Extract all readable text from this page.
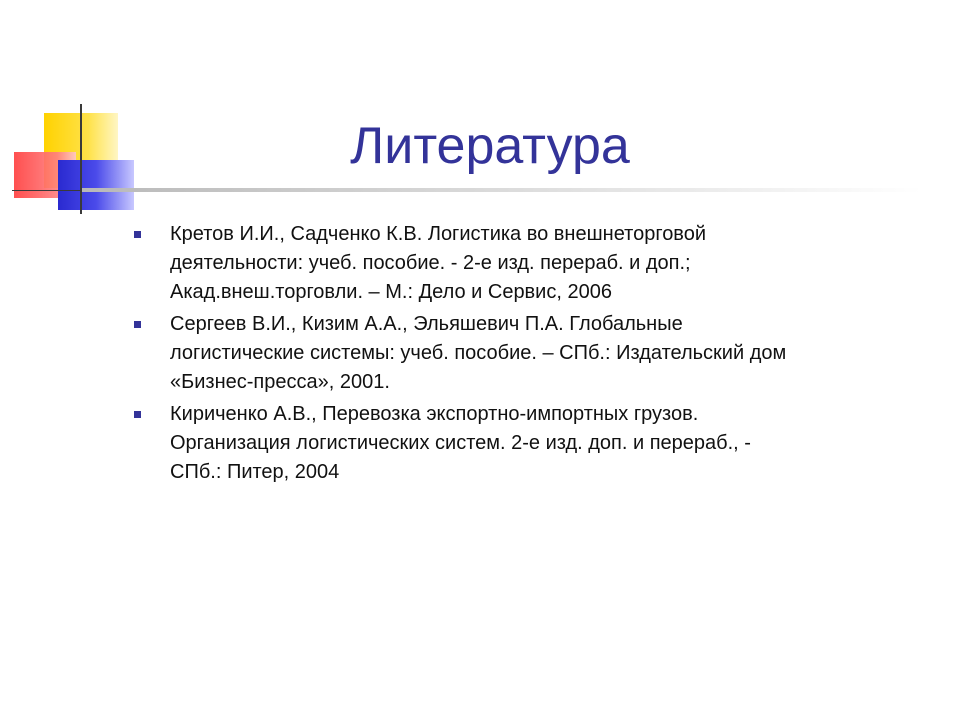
Литература
Кретов И.И., Садченко К.В. Логистика во внешнеторговой
деятельности: учеб. пособие. - 2-е изд. перераб. и доп.;
Акад.внеш.торговли. – М.: Дело и Сервис, 2006
Сергеев В.И., Кизим А.А., Эльяшевич П.А. Глобальные
логистические системы: учеб. пособие. – СПб.: Издательский дом
«Бизнес-пресса», 2001.
Кириченко А.В., Перевозка экспортно-импортных грузов.
Организация логистических систем. 2-е изд. доп. и перераб., -
СПб.: Питер, 2004
